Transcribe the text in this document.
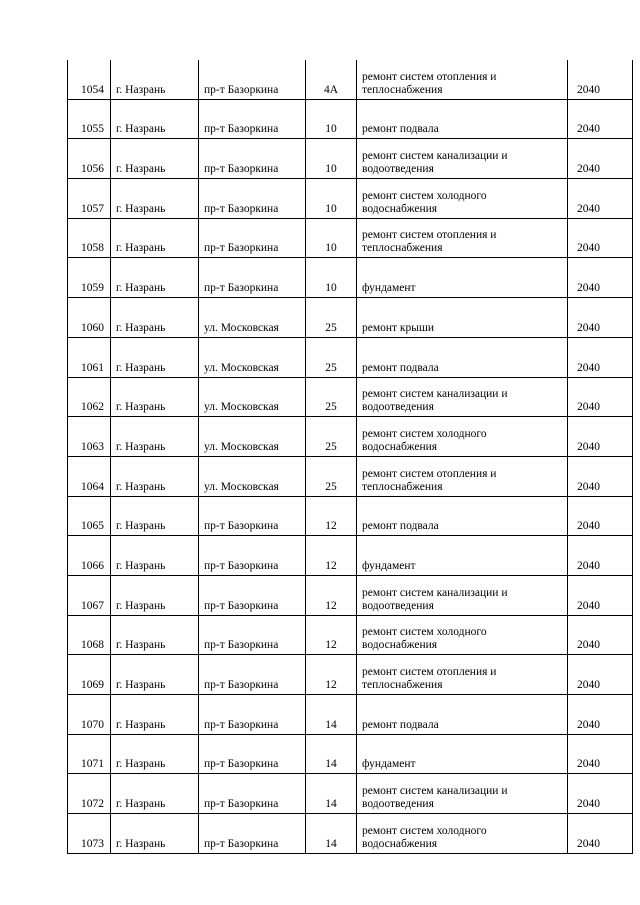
1054	г. Назрань	пр-т Базоркина	4А	ремонт систем отопления и теплоснабжения	2040
1055	г. Назрань	пр-т Базоркина	10	ремонт подвала	2040
1056	г. Назрань	пр-т Базоркина	10	ремонт систем канализации и водоотведения	2040
1057	г. Назрань	пр-т Базоркина	10	ремонт систем холодного водоснабжения	2040
1058	г. Назрань	пр-т Базоркина	10	ремонт систем отопления и теплоснабжения	2040
1059	г. Назрань	пр-т Базоркина	10	фундамент	2040
1060	г. Назрань	ул. Московская	25	ремонт крыши	2040
1061	г. Назрань	ул. Московская	25	ремонт подвала	2040
1062	г. Назрань	ул. Московская	25	ремонт систем канализации и водоотведения	2040
1063	г. Назрань	ул. Московская	25	ремонт систем холодного водоснабжения	2040
1064	г. Назрань	ул. Московская	25	ремонт систем отопления и теплоснабжения	2040
1065	г. Назрань	пр-т Базоркина	12	ремонт подвала	2040
1066	г. Назрань	пр-т Базоркина	12	фундамент	2040
1067	г. Назрань	пр-т Базоркина	12	ремонт систем канализации и водоотведения	2040
1068	г. Назрань	пр-т Базоркина	12	ремонт систем холодного водоснабжения	2040
1069	г. Назрань	пр-т Базоркина	12	ремонт систем отопления и теплоснабжения	2040
1070	г. Назрань	пр-т Базоркина	14	ремонт подвала	2040
1071	г. Назрань	пр-т Базоркина	14	фундамент	2040
1072	г. Назрань	пр-т Базоркина	14	ремонт систем канализации и водоотведения	2040
1073	г. Назрань	пр-т Базоркина	14	ремонт систем холодного водоснабжения	2040
